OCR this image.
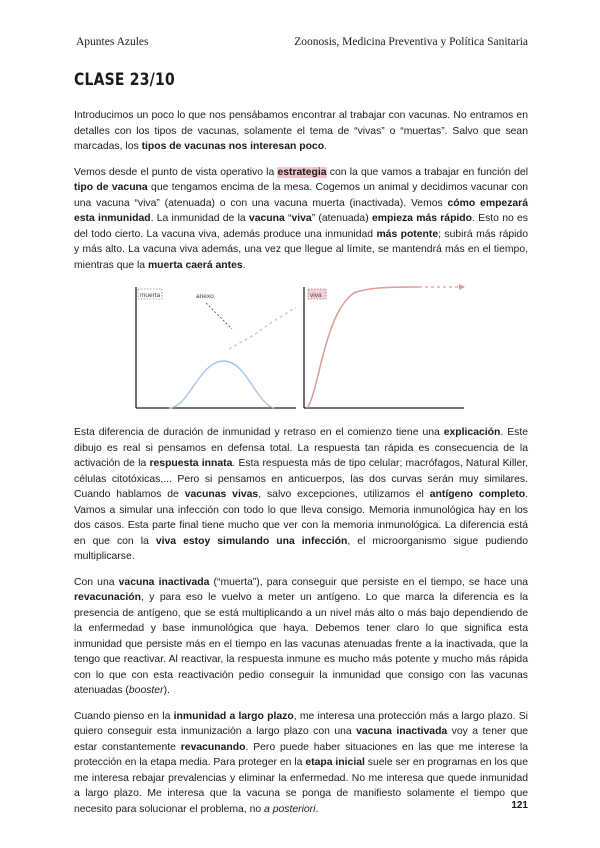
Apuntes Azules	Zoonosis, Medicina Preventiva y Política Sanitaria
CLASE 23/10

Introducimos un poco lo que nos pensábamos encontrar al trabajar con vacunas. No entramos en detalles con los tipos de vacunas, solamente el tema de “vivas” o “muertas”. Salvo que sean marcadas, los tipos de vacunas nos interesan poco.

Vemos desde el punto de vista operativo la estrategia con la que vamos a trabajar en función del tipo de vacuna que tengamos encima de la mesa. Cogemos un animal y decidimos vacunar con una vacuna “viva” (atenuada) o con una vacuna muerta (inactivada). Vemos cómo empezará esta inmunidad. La inmunidad de la vacuna “viva” (atenuada) empieza más rápido. Esto no es del todo cierto. La vacuna viva, además produce una inmunidad más potente; subirá más rápido y más alto. La vacuna viva además, una vez que llegue al límite, se mantendrá más en el tiempo, mientras que la muerta caerá antes.

muerta	anexo	viva

Esta diferencia de duración de inmunidad y retraso en el comienzo tiene una explicación. Este dibujo es real si pensamos en defensa total. La respuesta tan rápida es consecuencia de la activación de la respuesta innata. Esta respuesta más de tipo celular; macrófagos, Natural Killer, células citotóxicas,... Pero si pensamos en anticuerpos, las dos curvas serán muy similares. Cuando hablamos de vacunas vivas, salvo excepciones, utilizamos el antígeno completo. Vamos a simular una infección con todo lo que lleva consigo. Memoria inmunológica hay en los dos casos. Esta parte final tiene mucho que ver con la memoria inmunológica. La diferencia está en que con la viva estoy simulando una infección, el microorganismo sigue pudiendo multiplicarse.

Con una vacuna inactivada (“muerta”), para conseguir que persiste en el tiempo, se hace una revacunación, y para eso le vuelvo a meter un antígeno. Lo que marca la diferencia es la presencia de antígeno, que se está multiplicando a un nivel más alto o más bajo dependiendo de la enfermedad y base inmunológica que haya. Debemos tener claro lo que significa esta inmunidad que persiste más en el tiempo en las vacunas atenuadas frente a la inactivada, que la tengo que reactivar. Al reactivar, la respuesta inmune es mucho más potente y mucho más rápida con lo que con esta reactivación pedio conseguir la inmunidad que consigo con las vacunas atenuadas (booster).

Cuando pienso en la inmunidad a largo plazo, me interesa una protección más a largo plazo. Si quiero conseguir esta inmunización a largo plazo con una vacuna inactivada voy a tener que estar constantemente revacunando. Pero puede haber situaciones en las que me interese la protección en la etapa media. Para proteger en la etapa inicial suele ser en programas en los que me interesa rebajar prevalencias y eliminar la enfermedad. No me interesa que quede inmunidad a largo plazo. Me interesa que la vacuna se ponga de manifiesto solamente el tiempo que necesito para solucionar el problema, no a posteriori.	121
